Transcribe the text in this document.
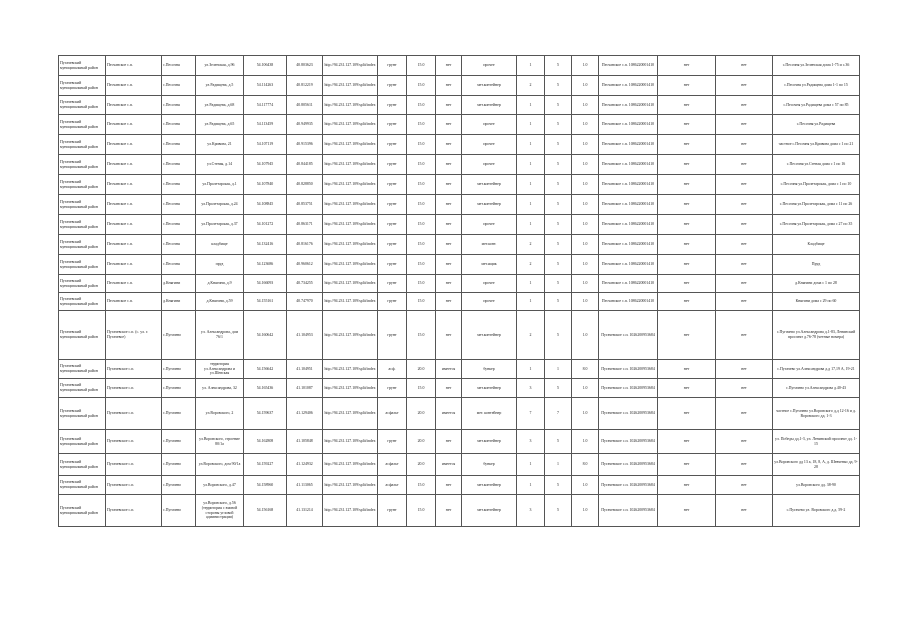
Пугачевский муниципальный район	Песчанское с.п.	с.Песочня	ул.Зеленская, д.96	54.106438	40.803623	http://94.231.127.109/split/index	грунт	15.0	нет	прочее	1	5	1.0	Песчанское с.п. 1086220001410	нет	нет	с.Песочня ул.Зеленская дома 1-75 и с.36
Пугачевский муниципальный район	Песчанское с.п.	с.Песочня	ул.Радищева, д.5	54.114263	40.812219	http://94.231.127.109/split/index	грунт	15.0	нет	мет.контейнер	2	5	1.0	Песчанское с.п. 1086220001410	нет	нет	с.Песочня ул.Радищева дома 1-1 по 15
Пугачевский муниципальный район	Песчанское с.п.	с.Песочня	ул.Радищева, д.68	54.117774	40.805611	http://94.231.127.109/split/index	грунт	15.0	нет	мет.контейнер	1	5	1.0	Песчанское с.п. 1086220001410	нет	нет	с.Песочня ул.Радищева дома с 57 по 85
Пугачевский муниципальный район	Песчанское с.п.	с.Песочня	ул.Радищева, д.65	54.113459	40.949935	http://94.231.127.109/split/index	грунт	15.0	нет	прочее	1	5	1.0	Песчанское с.п. 1086220001410	нет	нет	с.Песочня ул.Радищева
Пугачевский муниципальный район	Песчанское с.п.	с.Песочня	ул.Кривова, 21	54.107119	40.915396	http://94.231.127.109/split/index	грунт	15.0	нет	прочее	1	5	1.0	Песчанское с.п. 1086220001410	нет	нет	частное с.Песочня ул.Кривова дома с 1 по 21
Пугачевский муниципальный район	Песчанское с.п.	с.Песочня	ул.Стеная, д.14	54.107945	40.844185	http://94.231.127.109/split/index	грунт	15.0	нет	прочее	1	5	1.0	Песчанское с.п. 1086220001410	нет	нет	с.Песочня ул.Стеная дома с 1 по 16
Пугачевский муниципальный район	Песчанское с.п.	с.Песочня	ул.Пролетарская, д.1	54.107840	40.828850	http://94.231.127.109/split/index	грунт	15.0	нет	мет.контейнер	1	5	1.0	Песчанское с.п. 1086220001410	нет	нет	с.Песочня ул.Пролетарская, дома с 1 по 10
Пугачевский муниципальный район	Песчанское с.п.	с.Песочня	ул.Пролетарская, д.24	54.108845	40.853751	http://94.231.127.109/split/index	грунт	15.0	нет	мет.контейнер	1	5	1.0	Песчанское с.п. 1086220001410	нет	нет	с.Песочня ул.Пролетарская, дома с 11 по 26
Пугачевский муниципальный район	Песчанское с.п.	с.Песочня	ул.Пролетарская, д.37	54.101272	40.863171	http://94.231.127.109/split/index	грунт	15.0	нет	прочее	1	5	1.0	Песчанское с.п. 1086220001410	нет	нет	с.Песочня ул.Пролетарская, дома с 27 по 35
Пугачевский муниципальный район	Песчанское с.п.	с.Песочня	кладбище	54.132416	40.816176	http://94.231.127.109/split/index	грунт	15.0	нет	мет.конт.	2	5	1.0	Песчанское с.п. 1086220001410	нет	нет	Кладбище
Пугачевский муниципальный район	Песчанское с.п.	с.Песочня	пруд	54.123686	40.960612	http://94.231.127.109/split/index	грунт	15.0	нет	мет.ящик	2	5	1.0	Песчанское с.п. 1086220001410	нет	нет	Пруд
Пугачевский муниципальный район	Песчанское с.п.	д.Княгини	д.Княгини, д.9	54.166093	40.734255	http://94.231.127.109/split/index	грунт	15.0	нет	прочее	1	5	1.0	Песчанское с.п. 1086220001410	нет	нет	д.Княгини дома с 1 по 28
Пугачевский муниципальный район	Песчанское с.п.	д.Княгини	д.Княгини, д.59	54.155161	40.747970	http://94.231.127.109/split/index	грунт	15.0	нет	прочее	1	5	1.0	Песчанское с.п. 1086220001410	нет	нет	Княгини дома с 29 по 60
Пугачевский муниципальный район	Пугачевское с.п. (с. ул. г. Пугачевое)	с.Пугачево	ул. Александрова, дом 76/1	54.160642	41.104953	http://94.231.127.109/split/index	грунт	15.0	нет	мет.контейнер	2	5	1.0	Пугачевское с.п. 1026200953684	нет	нет	с.Пугачево ул.Александрова д.1-83, Ленинский проспект д.76-78 (четные номера)
Пугачевский муниципальный район	Пугачевское с.п.	с.Пугачево	территория ул.Александрова и ул.Шевская	54.156642	41.104951	http://94.231.127.109/split/index	асф.	20.0	имеется	бункер	1	1	8.0	Пугачевское с.п. 1026200953684	нет	нет	с.Пугачево ул.Александрова д.д 17,19 А, 19-21
Пугачевский муниципальный район	Пугачевское с.п.	с.Пугачево	ул. Александрова, 32	54.165436	41.101087	http://94.231.127.109/split/index	грунт	15.0	нет	мет.контейнер	3	5	1.0	Пугачевское с.п. 1026200953684	нет	нет	с.Пугачево ул.Александрова д.40-43
Пугачевский муниципальный район	Пугачевское с.п.	с.Пугачево	ул.Воровского, 2	54.159637	41.129406	http://94.231.127.109/split/index	асфальт	20.0	имеется	мет. контейнер	7	7	1.0	Пугачевское с.п. 1026200953684	нет	нет	частное с.Пугачево ул.Воровского д.д 12-16 и д. Воровского дд. 1-3
Пугачевский муниципальный район	Пугачевское с.п.	с.Пугачево	ул.Воровского, строение 80/1а	54.162808	41.105848	http://94.231.127.109/split/index	грунт	20.0	нет	мет.контейнер	3	5	1.0	Пугачевское с.п. 1026200953684	нет	нет	ул. Победы дд.1-3, ул. Ленинский проспект дд. 1-15
Пугачевский муниципальный район	Пугачевское с.п.	с.Пугачево	ул.Воровского, дом 90/1а	54.159227	41.124932	http://94.231.127.109/split/index	асфальт	20.0	имеется	бункер	1	1	8.0	Пугачевское с.п. 1026200953684	нет	нет	ул.Воровского дд 13 а, 18, 8, А, д. Шевченко дд. 9-28
Пугачевский муниципальный район	Пугачевское с.п.	с.Пугачево	ул.Воровского, д.47	54.158960	41.113065	http://94.231.127.109/split/index	асфальт	15.0	нет	мет.контейнер	1	5	1.0	Пугачевское с.п. 1026200953684	нет	нет	ул.Воровского дд. 38-90
Пугачевский муниципальный район	Пугачевское с.п.	с.Пугачево	ул.Воровского, д.56 (территория с южной стороны угловой администрации)	54.156168	41.131214	http://94.231.127.109/split/index	грунт	15.0	нет	мет.контейнер	3	5	1.0	Пугачевское с.п. 1026200953684	нет	нет	с.Пугачево ул. Воровского д.д. 59-2
